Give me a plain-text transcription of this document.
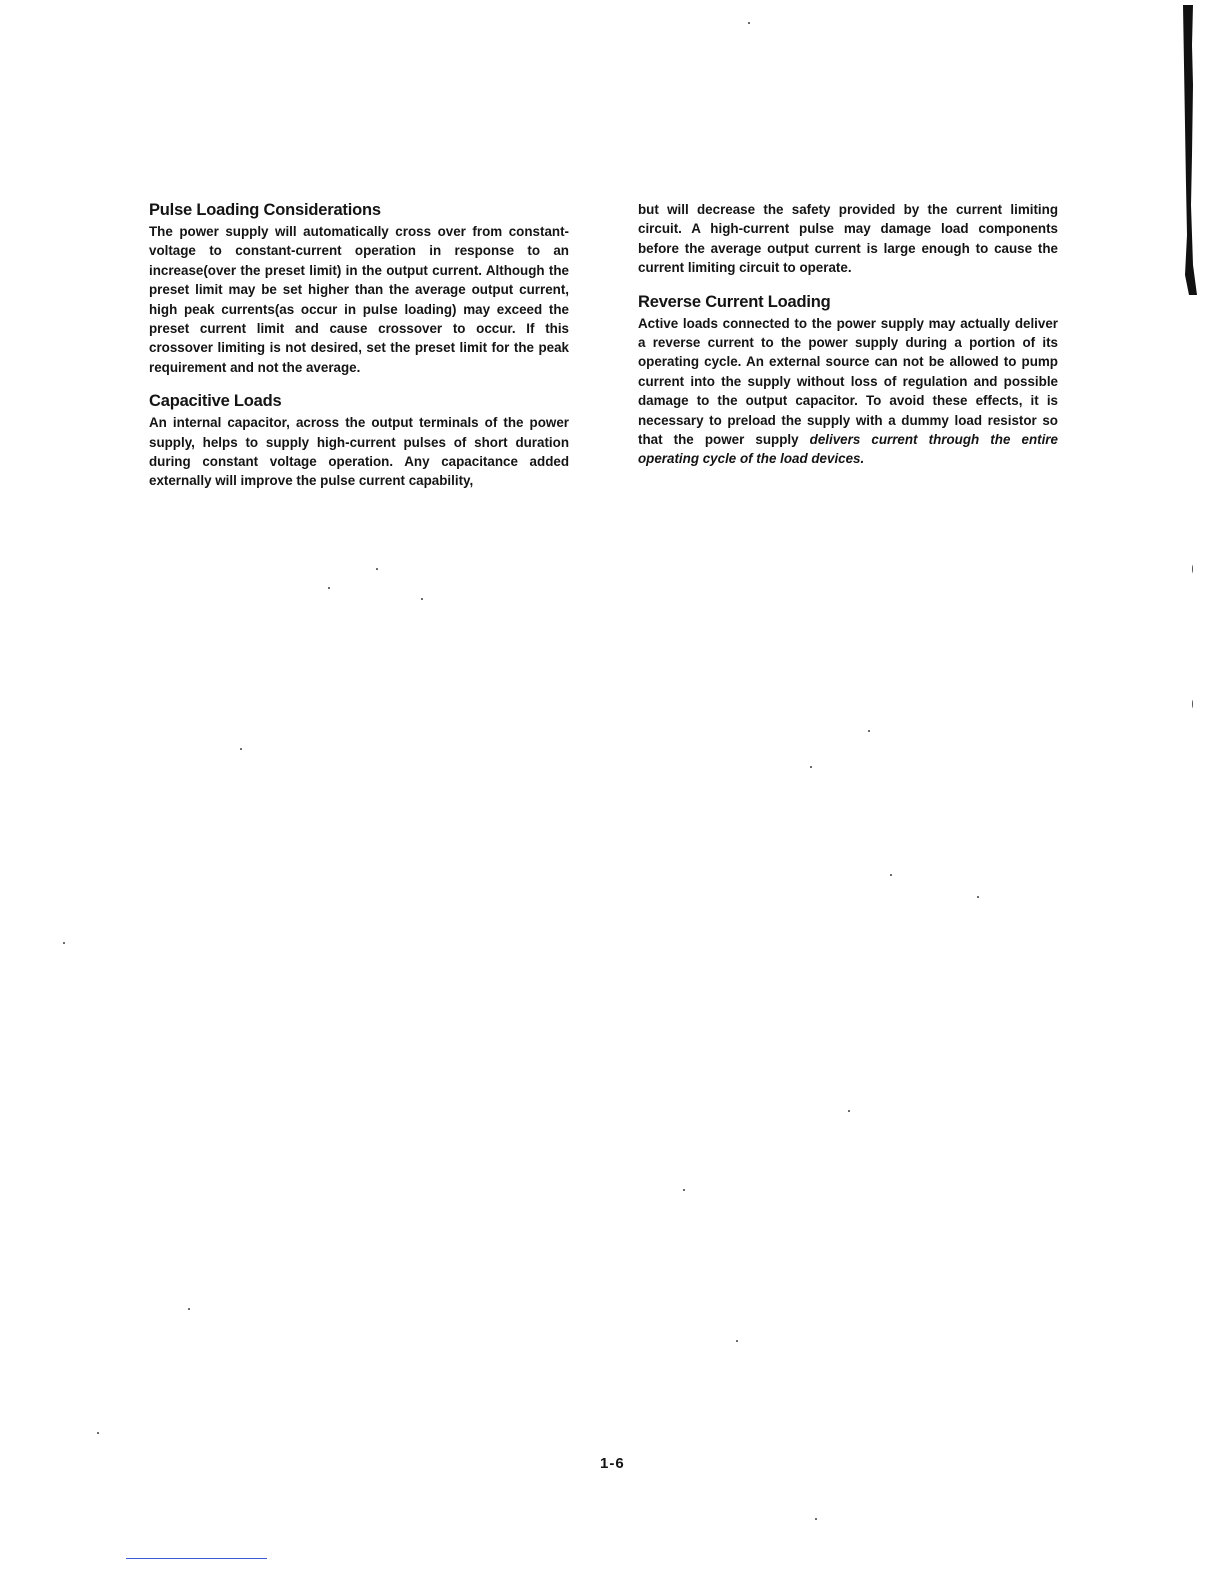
Pulse Loading Considerations

The power supply will automatically cross over from constant-voltage to constant-current operation in response to an increase(over the preset limit) in the output current. Although the preset limit may be set higher than the average output current, high peak currents(as occur in pulse loading) may exceed the preset current limit and cause crossover to occur. If this crossover limiting is not desired, set the preset limit for the peak requirement and not the average.

Capacitive Loads

An internal capacitor, across the output terminals of the power supply, helps to supply high-current pulses of short duration during constant voltage operation. Any capacitance added externally will improve the pulse current capability,

but will decrease the safety provided by the current limiting circuit. A high-current pulse may damage load components before the average output current is large enough to cause the current limiting circuit to operate.

Reverse Current Loading

Active loads connected to the power supply may actually deliver a reverse current to the power supply during a portion of its operating cycle. An external source can not be allowed to pump current into the supply without loss of regulation and possible damage to the output capacitor. To avoid these effects, it is necessary to preload the supply with a dummy load resistor so that the power supply delivers current through the entire operating cycle of the load devices.

1-6
